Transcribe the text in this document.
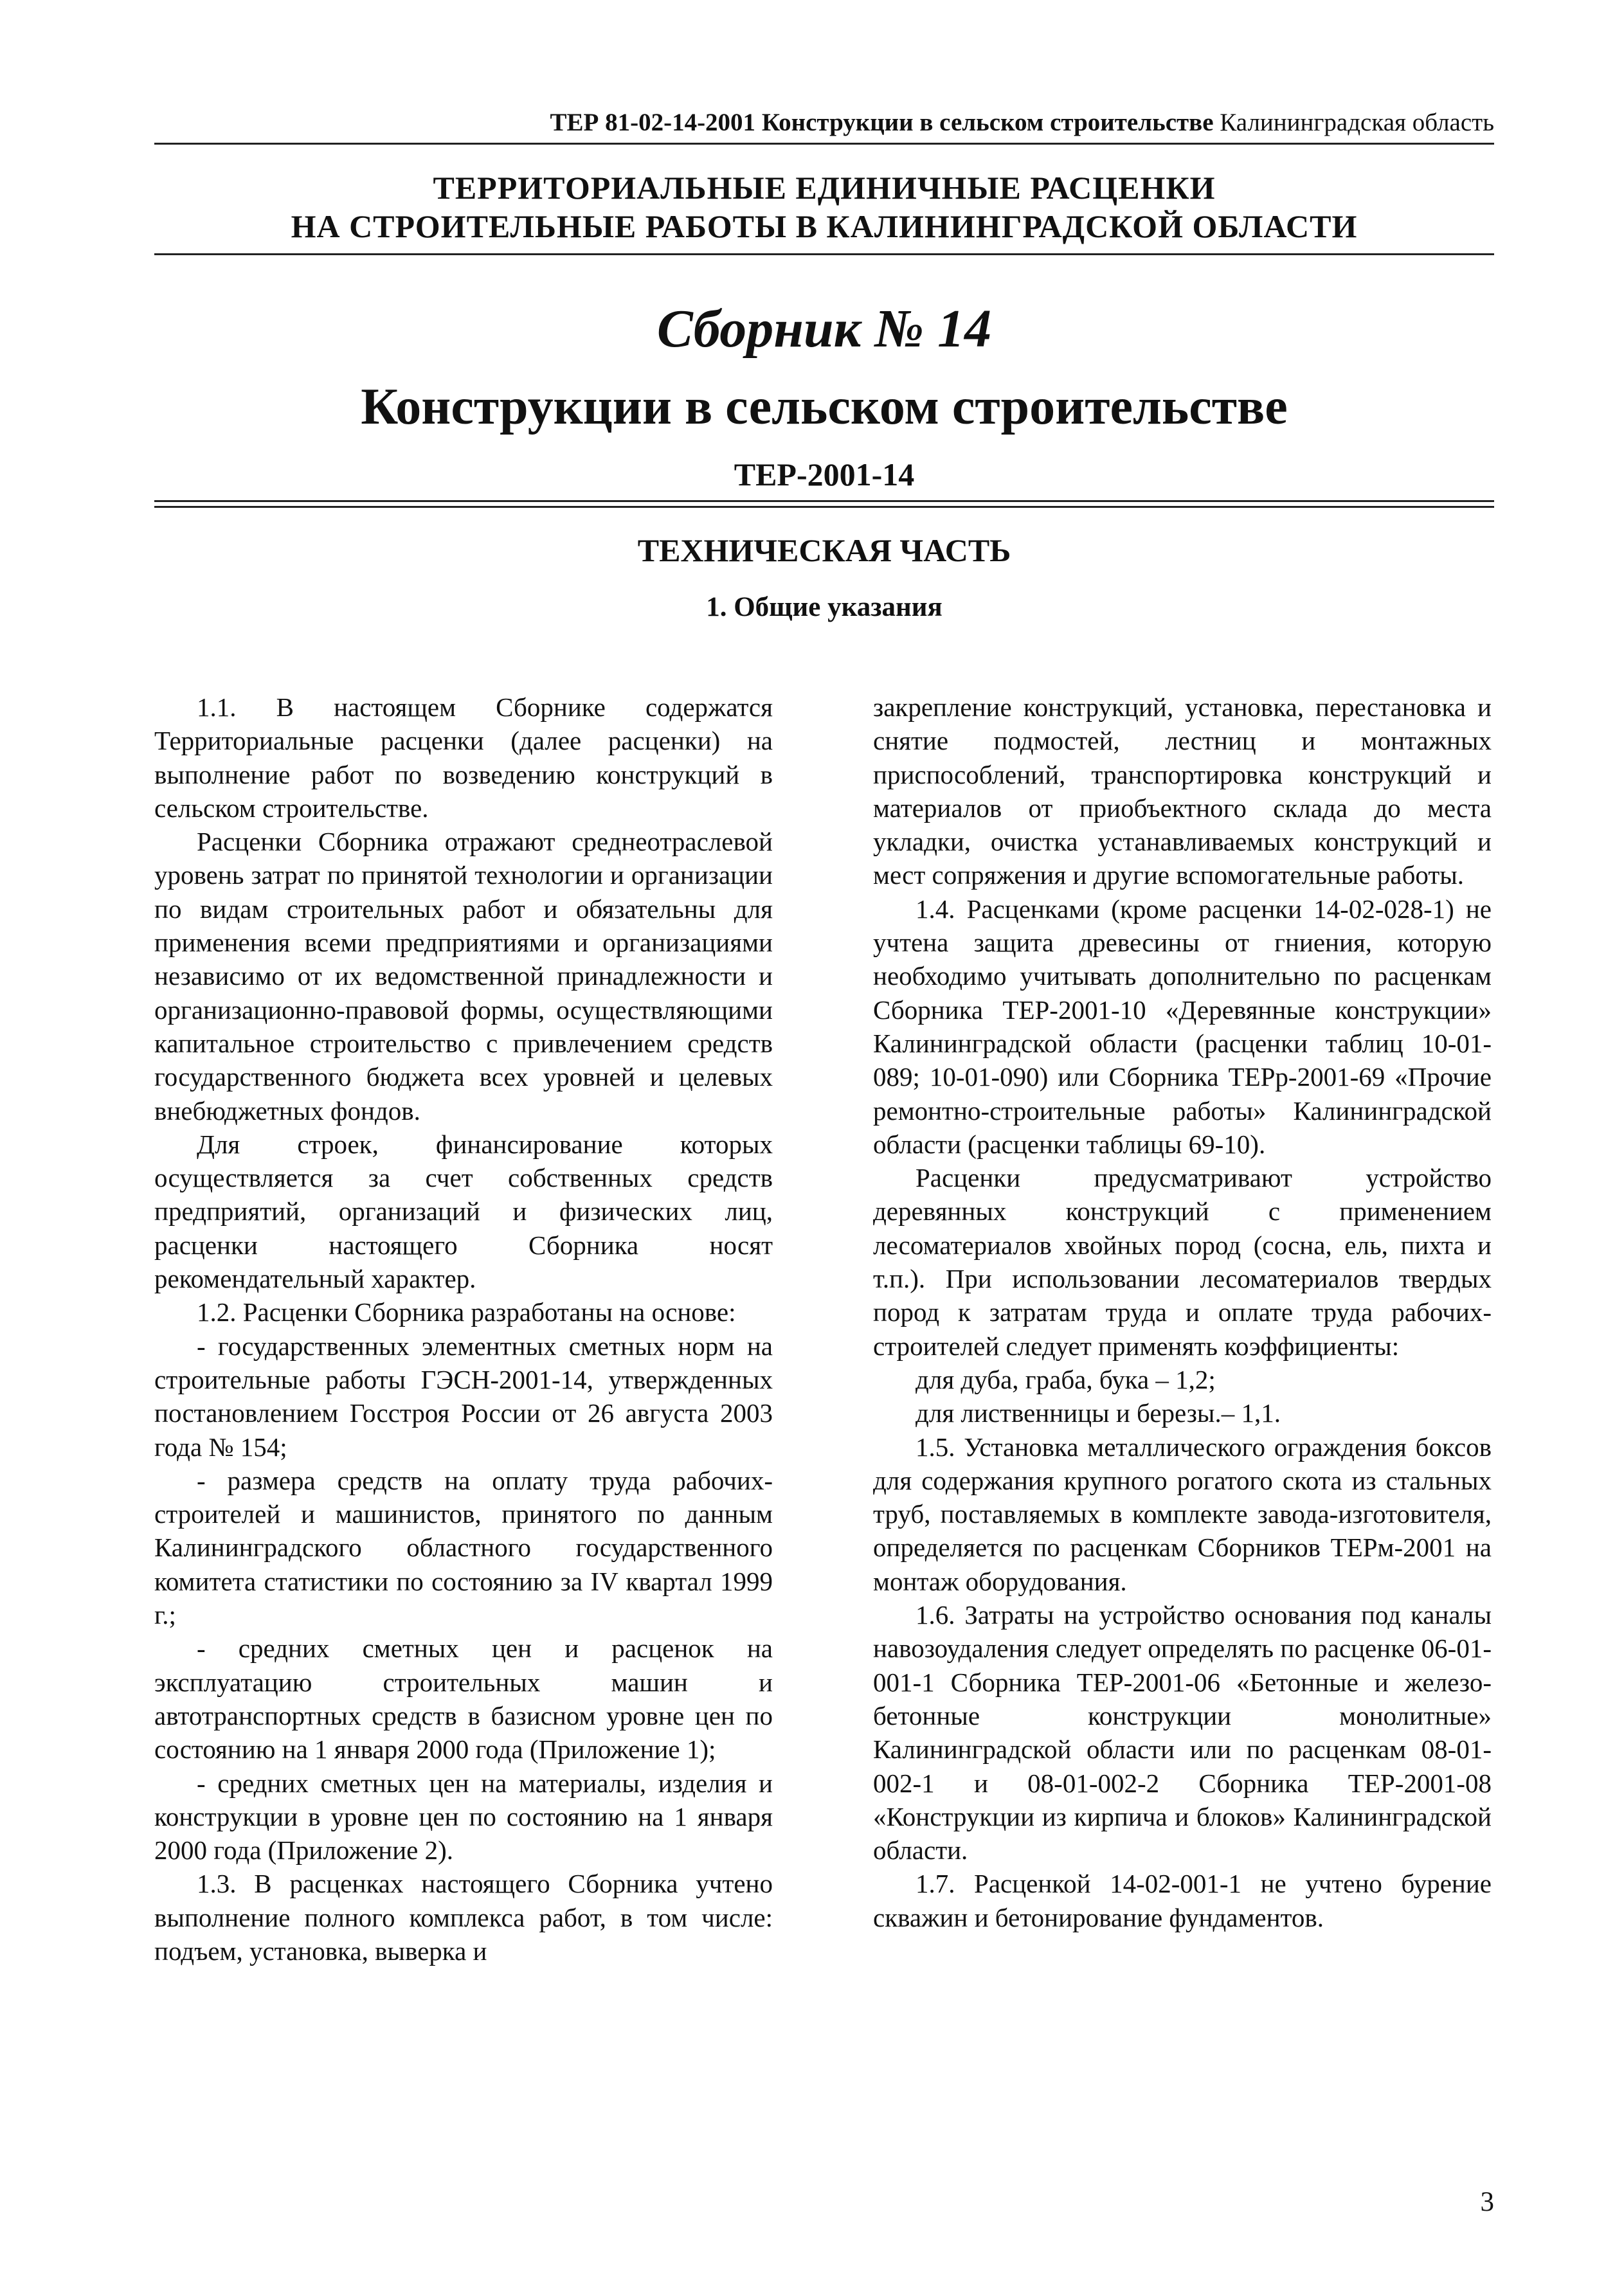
ТЕР 81-02-14-2001 Конструкции в сельском строительстве Калининградская область
ТЕРРИТОРИАЛЬНЫЕ ЕДИНИЧНЫЕ РАСЦЕНКИ
НА СТРОИТЕЛЬНЫЕ РАБОТЫ В КАЛИНИНГРАДСКОЙ ОБЛАСТИ
Сборник № 14
Конструкции в сельском строительстве
ТЕР-2001-14
ТЕХНИЧЕСКАЯ ЧАСТЬ
1. Общие указания

1.1. В настоящем Сборнике содержатся Территориальные расценки (далее расценки) на выполнение работ по возведению конструкций в сельском строительстве.

Расценки Сборника отражают среднеотраслевой уровень затрат по принятой технологии и организации по видам строительных работ и обязательны для применения всеми предприятиями и организациями независимо от их ведомственной принадлежности и организационно-правовой формы, осуществляющими капитальное строительство с привлечением средств государственного бюджета всех уровней и целевых внебюджетных фондов.

Для строек, финансирование которых осуществляется за счет собственных средств предприятий, организаций и физических лиц, расценки настоящего Сборника носят рекомендательный характер.

1.2. Расценки Сборника разработаны на основе:

- государственных элементных сметных норм на строительные работы ГЭСН-2001-14, утвержденных постановлением Госстроя России от 26 августа 2003 года № 154;

- размера средств на оплату труда рабочих-строителей и машинистов, принятого по данным Калининградского областного государственного комитета статистики по состоянию за IV квартал 1999 г.;

- средних сметных цен и расценок на эксплуатацию строительных машин и автотранспортных средств в базисном уровне цен по состоянию на 1 января 2000 года (Приложение 1);

- средних сметных цен на материалы, изделия и конструкции в уровне цен по состоянию на 1 января 2000 года (Приложение 2).

1.3. В расценках настоящего Сборника учтено выполнение полного комплекса работ, в том числе: подъем, установка, выверка и

закрепление конструкций, установка, перестановка и снятие подмостей, лестниц и монтажных приспособлений, транспортировка конструкций и материалов от приобъектного склада до места укладки, очистка устанавливаемых конструкций и мест сопряжения и другие вспомогательные работы.

1.4. Расценками (кроме расценки 14-02-028-1) не учтена защита древесины от гниения, которую необходимо учитывать дополнительно по расценкам Сборника ТЕР-2001-10 «Деревянные конструкции» Калининградской области (расценки таблиц 10-01-089; 10-01-090) или Сборника ТЕРр-2001-69 «Прочие ремонтно-строительные работы» Калининградской области (расценки таблицы 69-10).

Расценки предусматривают устройство деревянных конструкций с применением лесоматериалов хвойных пород (сосна, ель, пихта и т.п.). При использовании лесоматериалов твердых пород к затратам труда и оплате труда рабочих-строителей следует применять коэффициенты:

для дуба, граба, бука – 1,2;

для лиственницы и березы.– 1,1.

1.5. Установка металлического ограждения боксов для содержания крупного рогатого скота из стальных труб, поставляемых в комплекте завода-изготовителя, определяется по расценкам Сборников ТЕРм-2001 на монтаж оборудования.

1.6. Затраты на устройство основания под каналы навозоудаления следует определять по расценке 06-01-001-1 Сборника ТЕР-2001-06 «Бетонные и железо-бетонные конструкции монолитные» Калининградской области или по расценкам 08-01-002-1 и 08-01-002-2 Сборника ТЕР-2001-08 «Конструкции из кирпича и блоков» Калининградской области.

1.7. Расценкой 14-02-001-1 не учтено бурение скважин и бетонирование фундаментов.

3
